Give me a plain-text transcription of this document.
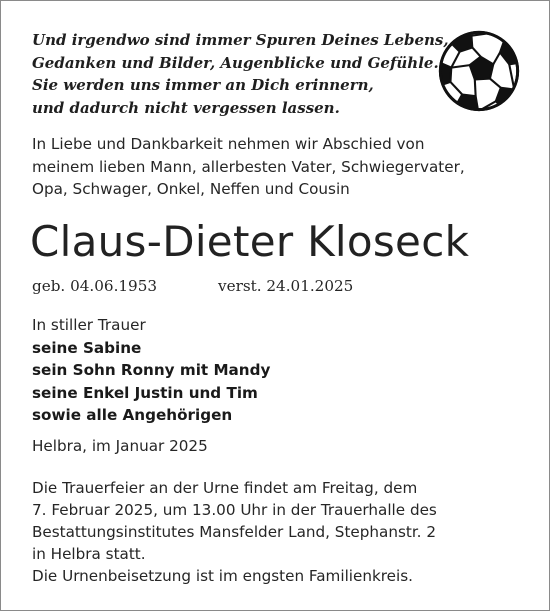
Und irgendwo sind immer Spuren Deines Lebens,
Gedanken und Bilder, Augenblicke und Gefühle.
Sie werden uns immer an Dich erinnern,
und dadurch nicht vergessen lassen.
In Liebe und Dankbarkeit nehmen wir Abschied von
meinem lieben Mann, allerbesten Vater, Schwiegervater,
Opa, Schwager, Onkel, Neffen und Cousin
Claus-Dieter Kloseck
geb. 04.06.1953	verst. 24.01.2025
In stiller Trauer
seine Sabine
sein Sohn Ronny mit Mandy
seine Enkel Justin und Tim
sowie alle Angehörigen
Helbra, im Januar 2025
Die Trauerfeier an der Urne findet am Freitag, dem
7. Februar 2025, um 13.00 Uhr in der Trauerhalle des
Bestattungsinstitutes Mansfelder Land, Stephanstr. 2
in Helbra statt.
Die Urnenbeisetzung ist im engsten Familienkreis.
